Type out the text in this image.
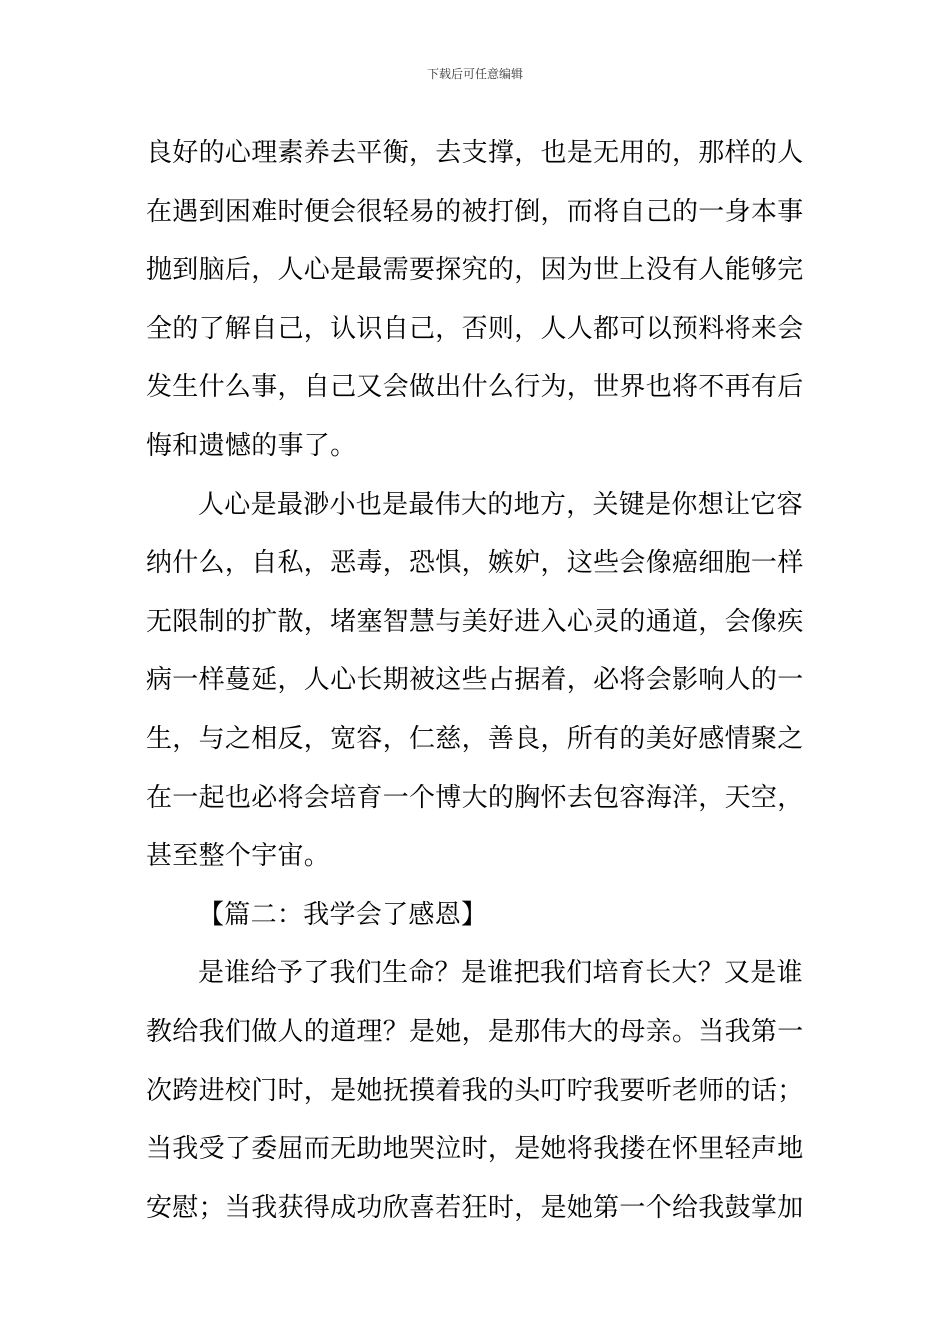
下载后可任意编辑
良好的心理素养去平衡，去支撑，也是无用的，那样的人
在遇到困难时便会很轻易的被打倒，而将自己的一身本事
抛到脑后，人心是最需要探究的，因为世上没有人能够完
全的了解自己，认识自己，否则，人人都可以预料将来会
发生什么事，自己又会做出什么行为，世界也将不再有后
悔和遗憾的事了。
人心是最渺小也是最伟大的地方，关键是你想让它容
纳什么，自私，恶毒，恐惧，嫉妒，这些会像癌细胞一样
无限制的扩散，堵塞智慧与美好进入心灵的通道，会像疾
病一样蔓延，人心长期被这些占据着，必将会影响人的一
生，与之相反，宽容，仁慈，善良，所有的美好感情聚之
在一起也必将会培育一个博大的胸怀去包容海洋，天空，
甚至整个宇宙。
【篇二：我学会了感恩】
是谁给予了我们生命？是谁把我们培育长大？又是谁
教给我们做人的道理？是她，是那伟大的母亲。当我第一
次跨进校门时，是她抚摸着我的头叮咛我要听老师的话；
当我受了委屈而无助地哭泣时，是她将我搂在怀里轻声地
安慰；当我获得成功欣喜若狂时，是她第一个给我鼓掌加
